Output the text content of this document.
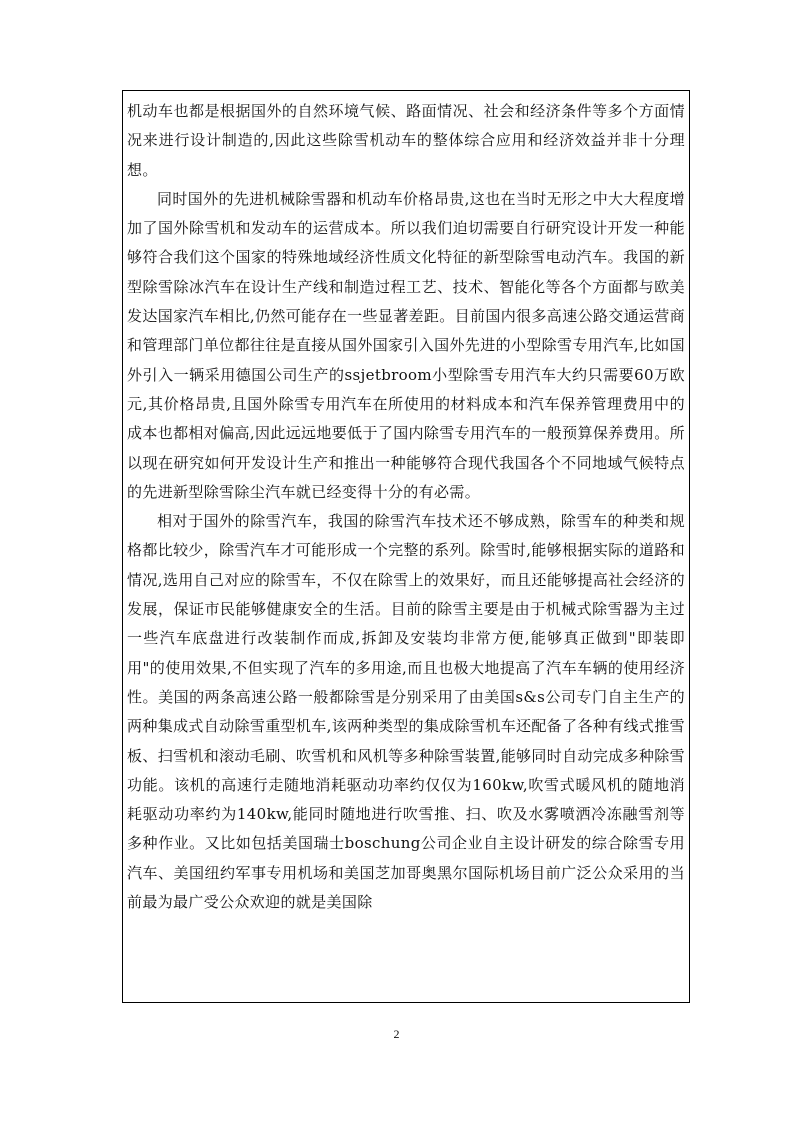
机动车也都是根据国外的自然环境气候、路面情况、社会和经济条件等多个方面情况来进行设计制造的,因此这些除雪机动车的整体综合应用和经济效益并非十分理想。

同时国外的先进机械除雪器和机动车价格昂贵,这也在当时无形之中大大程度增加了国外除雪机和发动车的运营成本。所以我们迫切需要自行研究设计开发一种能够符合我们这个国家的特殊地域经济性质文化特征的新型除雪电动汽车。我国的新型除雪除冰汽车在设计生产线和制造过程工艺、技术、智能化等各个方面都与欧美发达国家汽车相比,仍然可能存在一些显著差距。目前国内很多高速公路交通运营商和管理部门单位都往往是直接从国外国家引入国外先进的小型除雪专用汽车,比如国外引入一辆采用德国公司生产的ssjetbroom小型除雪专用汽车大约只需要60万欧元,其价格昂贵,且国外除雪专用汽车在所使用的材料成本和汽车保养管理费用中的成本也都相对偏高,因此远远地要低于了国内除雪专用汽车的一般预算保养费用。所以现在研究如何开发设计生产和推出一种能够符合现代我国各个不同地域气候特点的先进新型除雪除尘汽车就已经变得十分的有必需。

相对于国外的除雪汽车，我国的除雪汽车技术还不够成熟，除雪车的种类和规格都比较少，除雪汽车才可能形成一个完整的系列。除雪时,能够根据实际的道路和情况,选用自己对应的除雪车，不仅在除雪上的效果好，而且还能够提高社会经济的发展，保证市民能够健康安全的生活。目前的除雪主要是由于机械式除雪器为主过一些汽车底盘进行改装制作而成,拆卸及安装均非常方便,能够真正做到"即装即用"的使用效果,不但实现了汽车的多用途,而且也极大地提高了汽车车辆的使用经济性。美国的两条高速公路一般都除雪是分别采用了由美国s&s公司专门自主生产的两种集成式自动除雪重型机车,该两种类型的集成除雪机车还配备了各种有线式推雪板、扫雪机和滚动毛刷、吹雪机和风机等多种除雪装置,能够同时自动完成多种除雪功能。该机的高速行走随地消耗驱动功率约仅仅为160kw,吹雪式暖风机的随地消耗驱动功率约为140kw,能同时随地进行吹雪推、扫、吹及水雾喷洒冷冻融雪剂等多种作业。又比如包括美国瑞士boschung公司企业自主设计研发的综合除雪专用汽车、美国纽约军事专用机场和美国芝加哥奥黑尔国际机场目前广泛公众采用的当前最为最广受公众欢迎的就是美国除

2
